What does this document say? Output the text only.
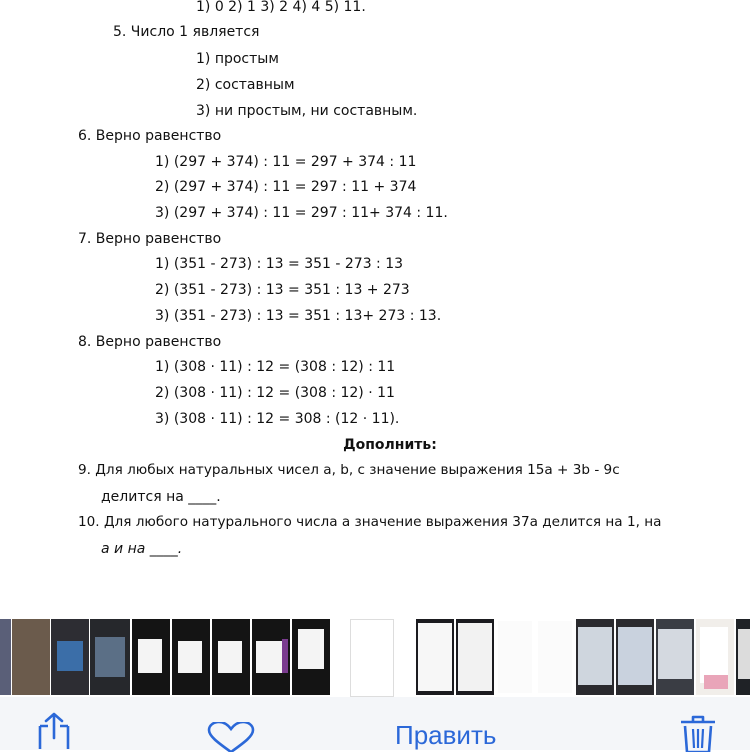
1) 0 2) 1 3) 2 4) 4 5) 11.
5. Число 1 является
1) простым
2) составным
3) ни простым, ни составным.
6. Верно равенство
1) (297 + 374) : 11 = 297 + 374 : 11
2) (297 + 374) : 11 = 297 : 11 + 374
3) (297 + 374) : 11 = 297 : 11+ 374 : 11.
7. Верно равенство
1) (351 - 273) : 13 = 351 - 273 : 13
2) (351 - 273) : 13 = 351 : 13 + 273
3) (351 - 273) : 13 = 351 : 13+ 273 : 13.
8. Верно равенство
1) (308 · 11) : 12 = (308 : 12) : 11
2) (308 · 11) : 12 = (308 : 12) · 11
3) (308 · 11) : 12 = 308 : (12 · 11).
Дополнить:
9. Для любых натуральных чисел a, b, c значение выражения 15a + 3b - 9c
делится на ____.
10. Для любого натурального числа a значение выражения 37a делится на 1, на
a и на ____.
Править
